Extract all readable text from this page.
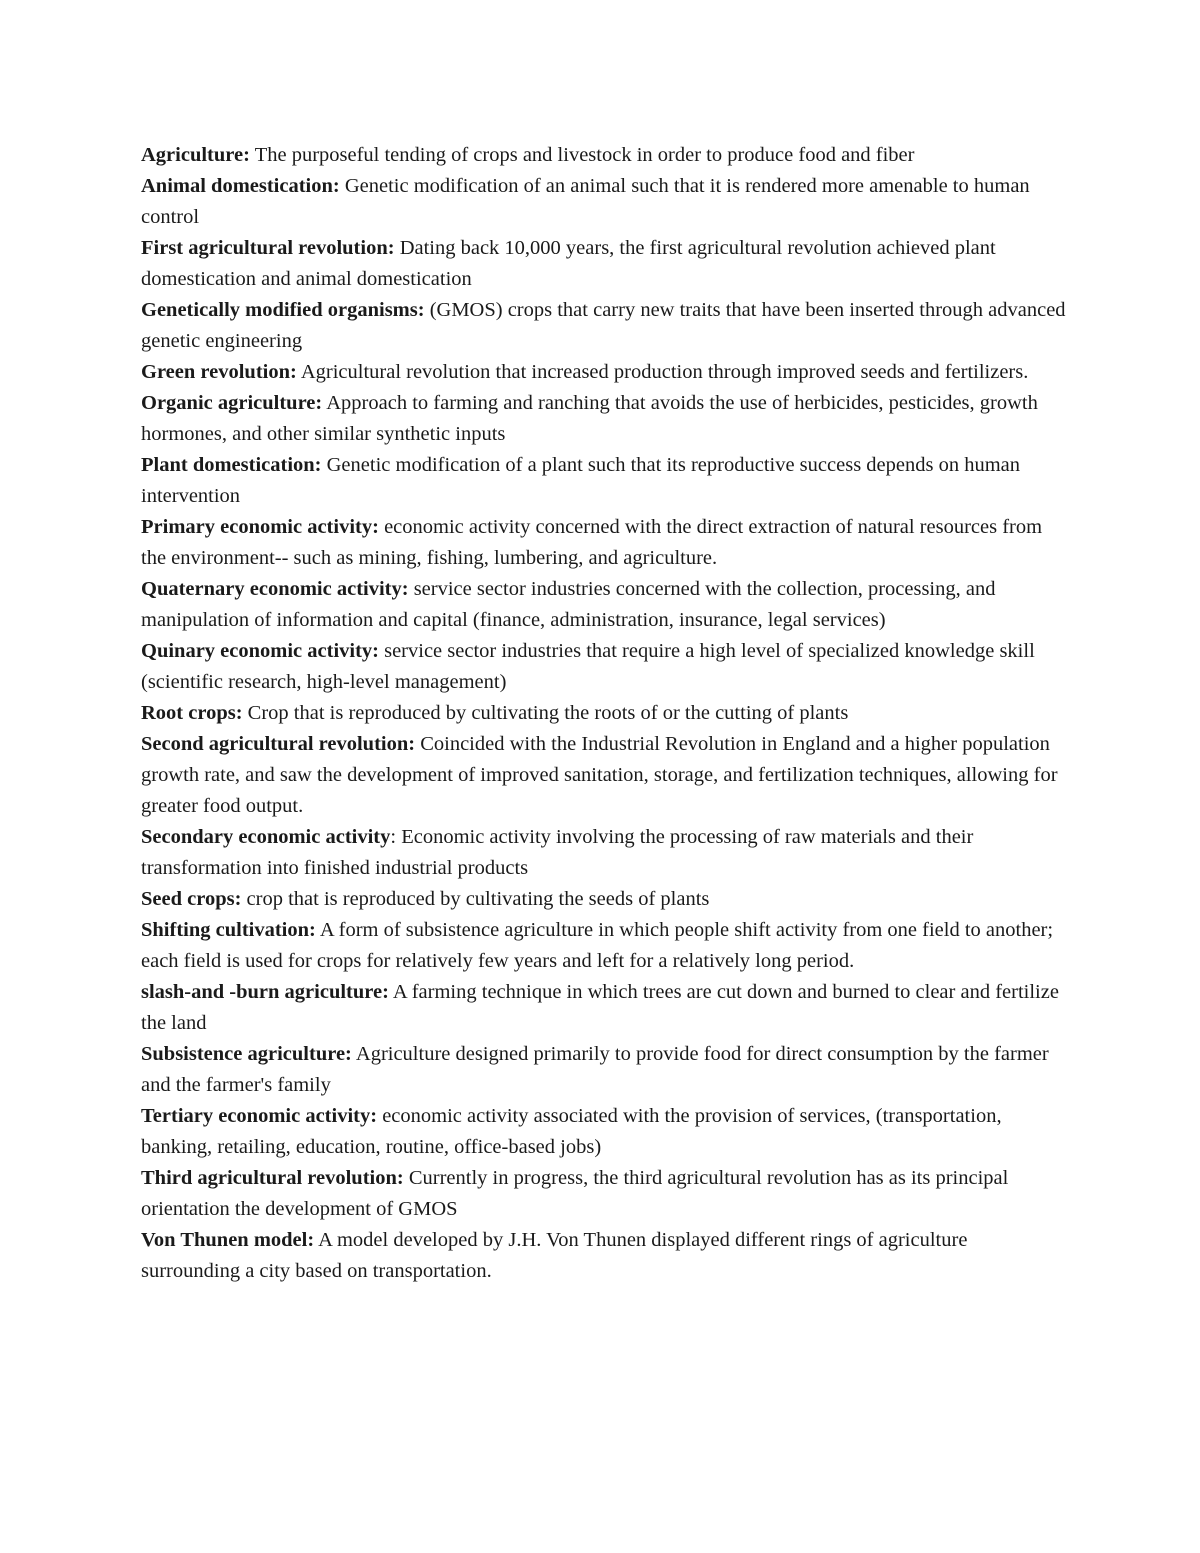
Agriculture: The purposeful tending of crops and livestock in order to produce food and fiber

Animal domestication: Genetic modification of an animal such that it is rendered more amenable to human control

First agricultural revolution: Dating back 10,000 years, the first agricultural revolution achieved plant domestication and animal domestication

Genetically modified organisms: (GMOS) crops that carry new traits that have been inserted through advanced genetic engineering

Green revolution: Agricultural revolution that increased production through improved seeds and fertilizers.

Organic agriculture: Approach to farming and ranching that avoids the use of herbicides, pesticides, growth hormones, and other similar synthetic inputs

Plant domestication: Genetic modification of a plant such that its reproductive success depends on human intervention

Primary economic activity: economic activity concerned with the direct extraction of natural resources from the environment-- such as mining, fishing, lumbering, and agriculture.

Quaternary economic activity: service sector industries concerned with the collection, processing, and manipulation of information and capital (finance, administration, insurance, legal services)

Quinary economic activity: service sector industries that require a high level of specialized knowledge skill (scientific research, high-level management)

Root crops: Crop that is reproduced by cultivating the roots of or the cutting of plants

Second agricultural revolution: Coincided with the Industrial Revolution in England and a higher population growth rate, and saw the development of improved sanitation, storage, and fertilization techniques, allowing for greater food output.

Secondary economic activity: Economic activity involving the processing of raw materials and their transformation into finished industrial products

Seed crops: crop that is reproduced by cultivating the seeds of plants

Shifting cultivation: A form of subsistence agriculture in which people shift activity from one field to another; each field is used for crops for relatively few years and left for a relatively long period.

slash-and -burn agriculture: A farming technique in which trees are cut down and burned to clear and fertilize the land

Subsistence agriculture: Agriculture designed primarily to provide food for direct consumption by the farmer and the farmer's family

Tertiary economic activity: economic activity associated with the provision of services, (transportation, banking, retailing, education, routine, office-based jobs)

Third agricultural revolution: Currently in progress, the third agricultural revolution has as its principal orientation the development of GMOS

Von Thunen model: A model developed by J.H. Von Thunen displayed different rings of agriculture surrounding a city based on transportation.
